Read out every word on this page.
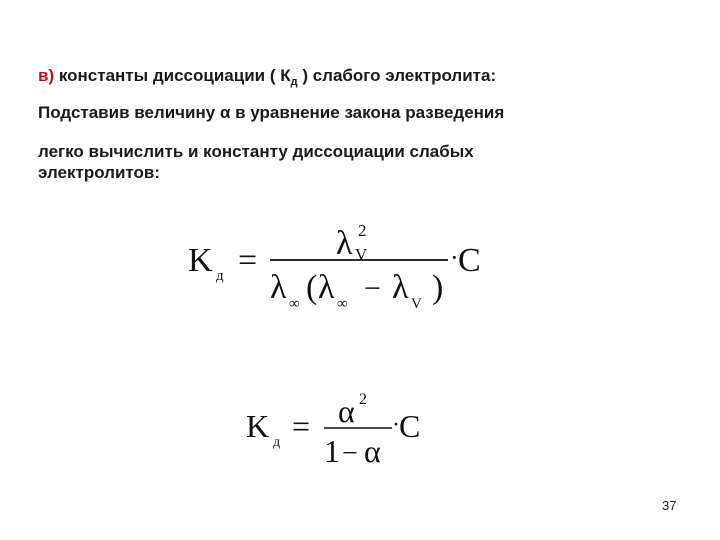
в) константы диссоциации ( $К_д$ ) слабого электролита:
Подставив величину α в уравнение закона разведения
легко вычислить и константу диссоциации слабых
электролитов:
K д = λ V
2
λ ∞ ( λ ∞ − λ V )
· C
K д = α 2
1 − α
· C
37
